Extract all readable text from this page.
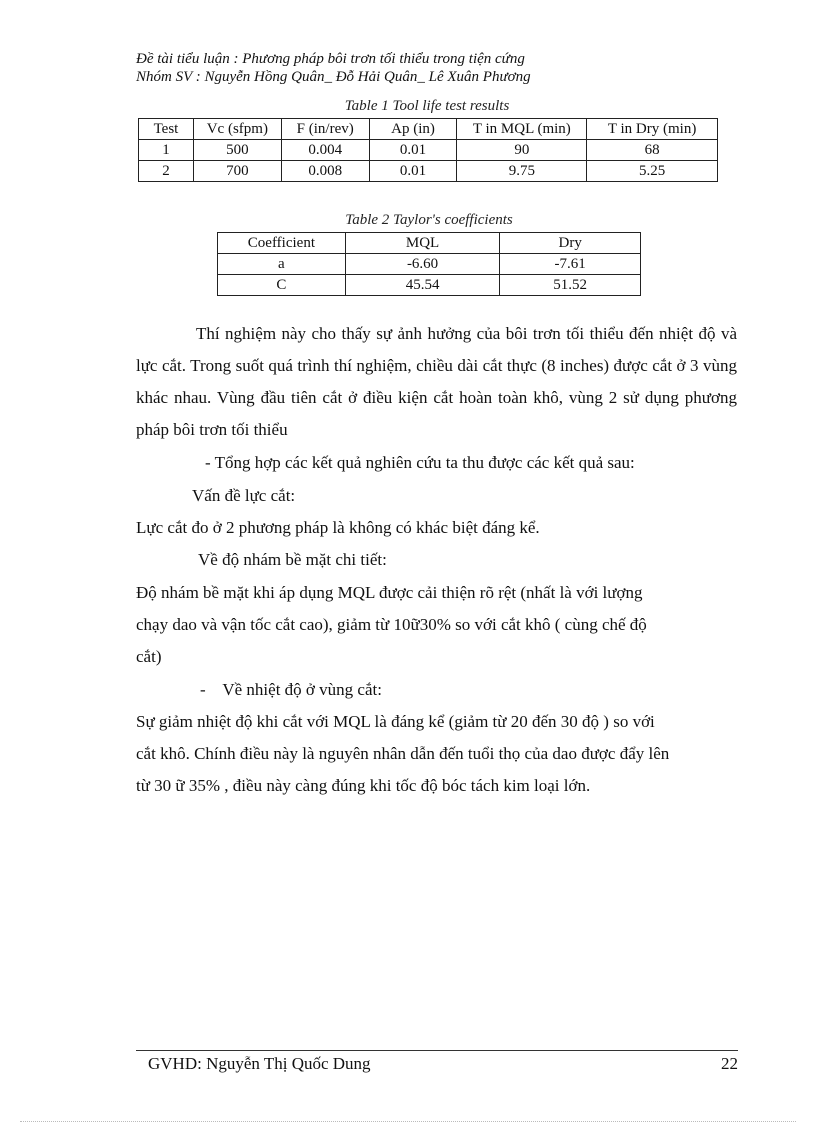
Đề tài tiểu luận : Phương pháp bôi trơn tối thiểu trong tiện cứng
Nhóm SV : Nguyễn Hồng Quân_ Đỗ Hải Quân_ Lê Xuân Phương
Table 1 Tool life test results
Test	Vc (sfpm)	F (in/rev)	Ap (in)	T in MQL (min)	T in Dry (min)
1	500	0.004	0.01	90	68
2	700	0.008	0.01	9.75	5.25
Table 2 Taylor's coefficients
Coefficient	MQL	Dry
a	-6.60	-7.61
C	45.54	51.52

Thí nghiệm này cho thấy sự ảnh hưởng của bôi trơn tối thiểu đến nhiệt độ và lực cắt. Trong suốt quá trình thí nghiệm, chiều dài cắt thực (8 inches) được cắt ở 3 vùng khác nhau. Vùng đầu tiên cắt ở điều kiện cắt hoàn toàn khô, vùng 2 sử dụng phương pháp bôi trơn tối thiểu

- Tổng hợp các kết quả nghiên cứu ta thu được các kết quả sau:
Vấn đề lực cắt:
Lực cắt đo ở 2 phương pháp là không có khác biệt đáng kể.
Về độ nhám bề mặt chi tiết:
Độ nhám bề mặt khi áp dụng MQL được cải thiện rõ rệt (nhất là với lượng
chạy dao và vận tốc cắt cao), giảm từ 10ữ30% so với cắt khô ( cùng chế độ
cắt)
-    Về nhiệt độ ở vùng cắt:
Sự giảm nhiệt độ khi cắt với MQL là đáng kể (giảm từ 20 đến 30 độ ) so với
cắt khô. Chính điều này là nguyên nhân dẫn đến tuổi thọ của dao được đẩy lên
từ 30 ữ 35% , điều này càng đúng khi tốc độ bóc tách kim loại lớn.
GVHD: Nguyễn Thị Quốc Dung	22
